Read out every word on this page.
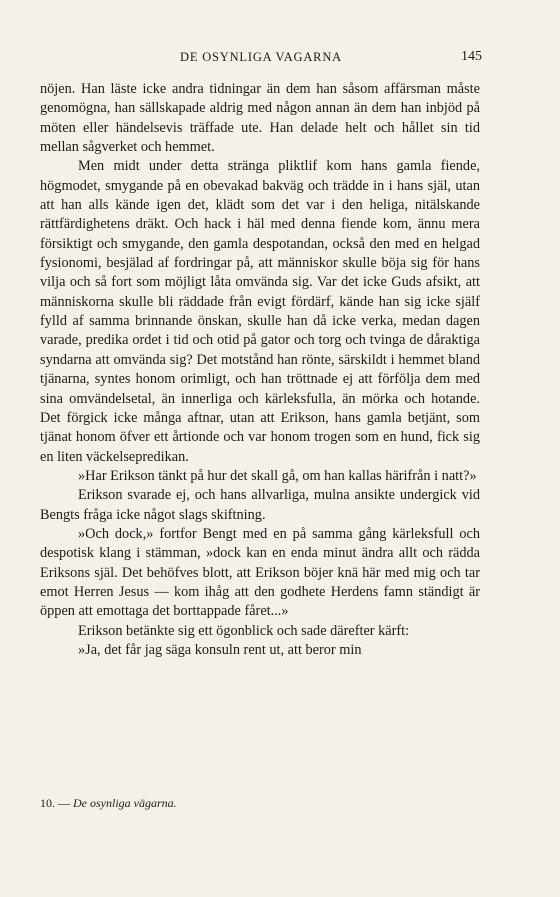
DE OSYNLIGA VAGARNA	145

nöjen. Han läste icke andra tidningar än dem han såsom affärsman måste genomögna, han sällskapade aldrig med någon annan än dem han inbjöd på möten eller händelsevis träffade ute. Han delade helt och hållet sin tid mellan sågverket och hemmet.

Men midt under detta stränga pliktlif kom hans gamla fiende, högmodet, smygande på en obevakad bakväg och trädde in i hans själ, utan att han alls kände igen det, klädt som det var i den heliga, nitälskande rättfärdighetens dräkt. Och hack i häl med denna fiende kom, ännu mera försiktigt och smygande, den gamla despotandan, också den med en helgad fysionomi, besjälad af fordringar på, att människor skulle böja sig för hans vilja och så fort som möjligt låta omvända sig. Var det icke Guds afsikt, att människorna skulle bli räddade från evigt fördärf, kände han sig icke själf fylld af samma brinnande önskan, skulle han då icke verka, medan dagen varade, predika ordet i tid och otid på gator och torg och tvinga de dåraktiga syndarna att omvända sig? Det motstånd han rönte, särskildt i hemmet bland tjänarna, syntes honom orimligt, och han tröttnade ej att förfölja dem med sina omvändelsetal, än innerliga och kärleksfulla, än mörka och hotande. Det förgick icke många aftnar, utan att Erikson, hans gamla betjänt, som tjänat honom öfver ett årtionde och var honom trogen som en hund, fick sig en liten väckelsepredikan.

»Har Erikson tänkt på hur det skall gå, om han kallas härifrån i natt?»

Erikson svarade ej, och hans allvarliga, mulna ansikte undergick vid Bengts fråga icke något slags skiftning.

»Och dock,» fortfor Bengt med en på samma gång kärleksfull och despotisk klang i stämman, »dock kan en enda minut ändra allt och rädda Eriksons själ. Det behöfves blott, att Erikson böjer knä här med mig och tar emot Herren Jesus — kom ihåg att den godhete Herdens famn ständigt är öppen att emottaga det borttappade fåret...»

Erikson betänkte sig ett ögonblick och sade därefter kärft:

»Ja, det får jag säga konsuln rent ut, att beror min

10. — De osynliga vägarna.
